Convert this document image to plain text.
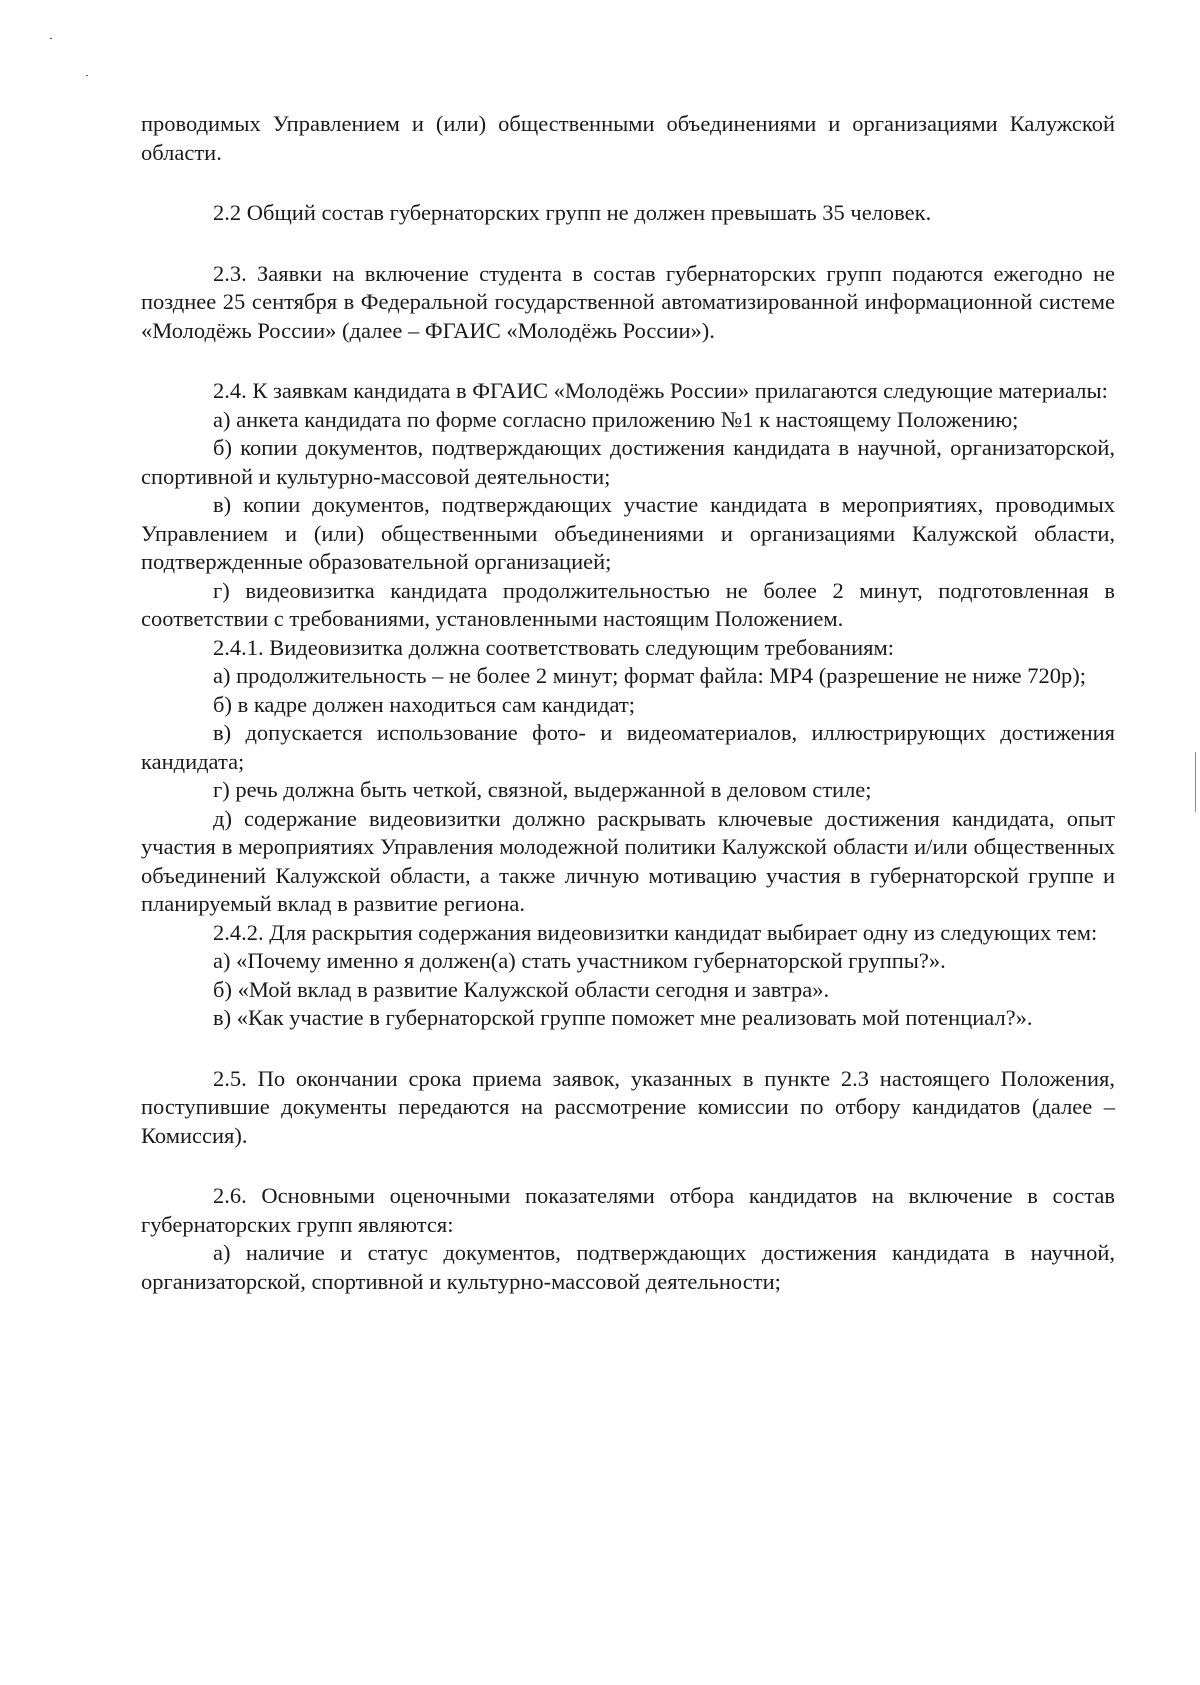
проводимых Управлением и (или) общественными объединениями и организациями Калужской области.

2.2 Общий состав губернаторских групп не должен превышать 35 человек.

2.3. Заявки на включение студента в состав губернаторских групп подаются ежегодно не позднее 25 сентября в Федеральной государственной автоматизированной информационной системе «Молодёжь России» (далее – ФГАИС «Молодёжь России»).

2.4. К заявкам кандидата в ФГАИС «Молодёжь России» прилагаются следующие материалы:

а) анкета кандидата по форме согласно приложению №1 к настоящему Положению;

б) копии документов, подтверждающих достижения кандидата в научной, организаторской, спортивной и культурно-массовой деятельности;

в) копии документов, подтверждающих участие кандидата в мероприятиях, проводимых Управлением и (или) общественными объединениями и организациями Калужской области, подтвержденные образовательной организацией;

г) видеовизитка кандидата продолжительностью не более 2 минут, подготовленная в соответствии с требованиями, установленными настоящим Положением.

2.4.1. Видеовизитка должна соответствовать следующим требованиям:

а) продолжительность – не более 2 минут; формат файла: MP4 (разрешение не ниже 720р);

б) в кадре должен находиться сам кандидат;

в) допускается использование фото- и видеоматериалов, иллюстрирующих достижения кандидата;

г) речь должна быть четкой, связной, выдержанной в деловом стиле;

д) содержание видеовизитки должно раскрывать ключевые достижения кандидата, опыт участия в мероприятиях Управления молодежной политики Калужской области и/или общественных объединений Калужской области, а также личную мотивацию участия в губернаторской группе и планируемый вклад в развитие региона.

2.4.2. Для раскрытия содержания видеовизитки кандидат выбирает одну из следующих тем:

а) «Почему именно я должен(а) стать участником губернаторской группы?».

б) «Мой вклад в развитие Калужской области сегодня и завтра».

в) «Как участие в губернаторской группе поможет мне реализовать мой потенциал?».

2.5. По окончании срока приема заявок, указанных в пункте 2.3 настоящего Положения, поступившие документы передаются на рассмотрение комиссии по отбору кандидатов (далее – Комиссия).

2.6. Основными оценочными показателями отбора кандидатов на включение в состав губернаторских групп являются:

а) наличие и статус документов, подтверждающих достижения кандидата в научной, организаторской, спортивной и культурно-массовой деятельности;
